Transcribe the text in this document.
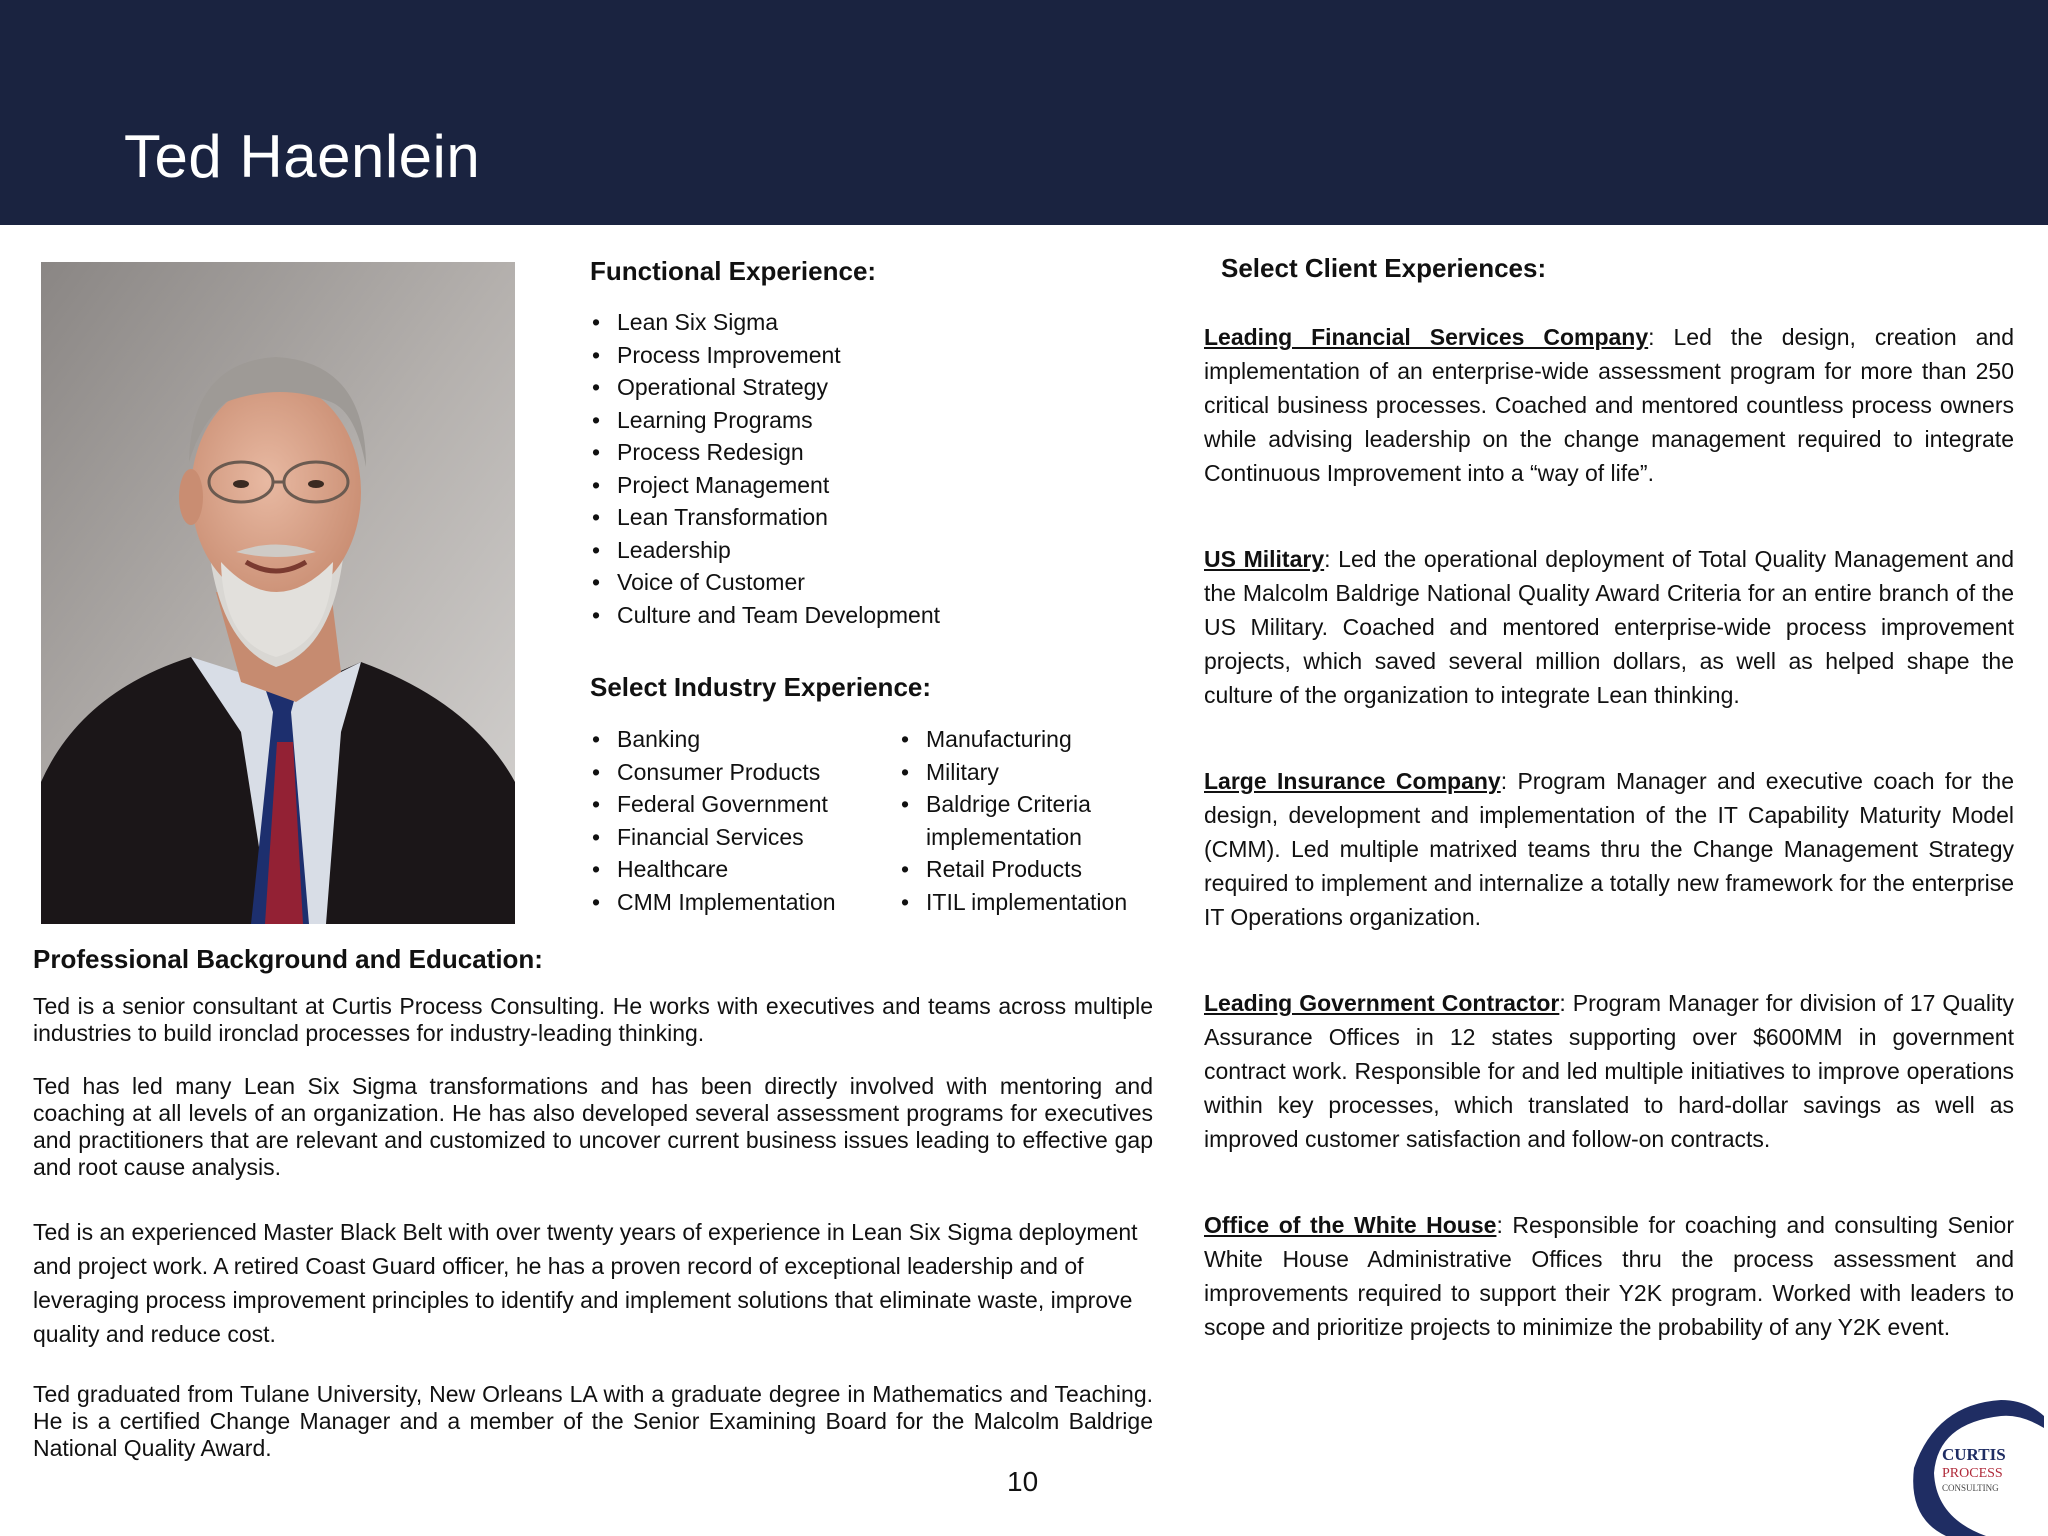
Ted Haenlein
Functional Experience:
• Lean Six Sigma
• Process Improvement
• Operational Strategy
• Learning Programs
• Process Redesign
• Project Management
• Lean Transformation
• Leadership
• Voice of Customer
• Culture and Team Development
Select Industry Experience:
• Banking
• Consumer Products
• Federal Government
• Financial Services
• Healthcare
• CMM Implementation
• Manufacturing
• Military
• Baldrige Criteria implementation
• Retail Products
• ITIL implementation
Professional Background and Education:

Ted is a senior consultant at Curtis Process Consulting. He works with executives and teams across multiple industries to build ironclad processes for industry-leading thinking.

Ted has led many Lean Six Sigma transformations and has been directly involved with mentoring and coaching at all levels of an organization. He has also developed several assessment programs for executives and practitioners that are relevant and customized to uncover current business issues leading to effective gap and root cause analysis.

Ted is an experienced Master Black Belt with over twenty years of experience in Lean Six Sigma deployment and project work. A retired Coast Guard officer, he has a proven record of exceptional leadership and of leveraging process improvement principles to identify and implement solutions that eliminate waste, improve quality and reduce cost.

Ted graduated from Tulane University, New Orleans LA with a graduate degree in Mathematics and Teaching. He is a certified Change Manager and a member of the Senior Examining Board for the Malcolm Baldrige National Quality Award.

Select Client Experiences:

Leading Financial Services Company: Led the design, creation and implementation of an enterprise-wide assessment program for more than 250 critical business processes. Coached and mentored countless process owners while advising leadership on the change management required to integrate Continuous Improvement into a “way of life”.

US Military: Led the operational deployment of Total Quality Management and the Malcolm Baldrige National Quality Award Criteria for an entire branch of the US Military. Coached and mentored enterprise-wide process improvement projects, which saved several million dollars, as well as helped shape the culture of the organization to integrate Lean thinking.

Large Insurance Company: Program Manager and executive coach for the design, development and implementation of the IT Capability Maturity Model (CMM). Led multiple matrixed teams thru the Change Management Strategy required to implement and internalize a totally new framework for the enterprise IT Operations organization.

Leading Government Contractor: Program Manager for division of 17 Quality Assurance Offices in 12 states supporting over $600MM in government contract work. Responsible for and led multiple initiatives to improve operations within key processes, which translated to hard-dollar savings as well as improved customer satisfaction and follow-on contracts.

Office of the White House: Responsible for coaching and consulting Senior White House Administrative Offices thru the process assessment and improvements required to support their Y2K program. Worked with leaders to scope and prioritize projects to minimize the probability of any Y2K event.

10
CURTIS
PROCESS
CONSULTING
